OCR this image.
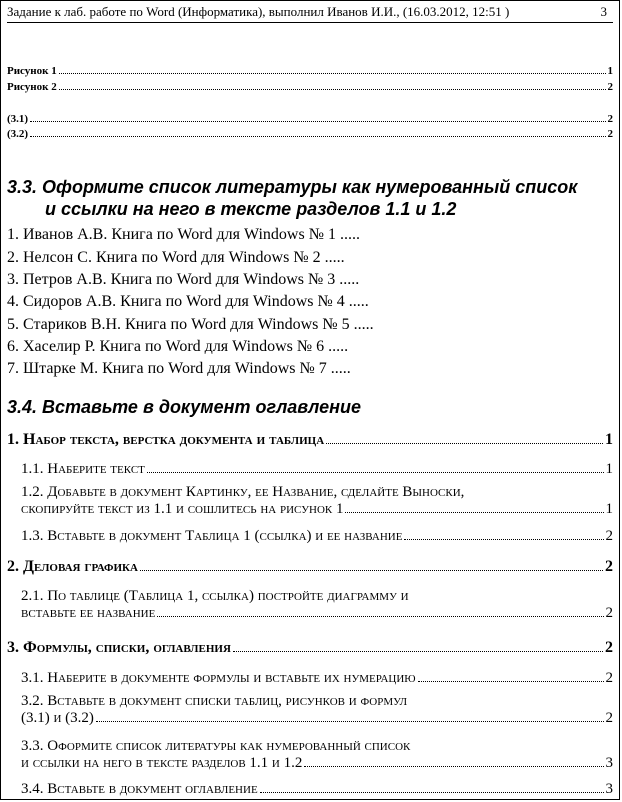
Задание к лаб. работе по Word (Информатика), выполнил Иванов И.И., (16.03.2012, 12:51 )	3
Рисунок 1	1
Рисунок 2	2
(3.1)	2
(3.2)	2
3.3. Оформите список литературы как нумерованный список
и ссылки на него в тексте разделов 1.1 и 1.2
1. Иванов А.В. Книга по Word для Windows № 1 .....
2. Нелсон С. Книга по Word для Windows № 2 .....
3. Петров А.В. Книга по Word для Windows № 3 .....
4. Сидоров А.В. Книга по Word для Windows № 4 .....
5. Стариков В.Н. Книга по Word для Windows № 5 .....
6. Хаселир Р. Книга по Word для Windows № 6 .....
7. Штарке М. Книга по Word для Windows № 7 .....
3.4. Вставьте в документ оглавление
1. Набор текста, верстка документа и таблица	1
1.1. Наберите текст	1
1.2. Добавьте в документ Картинку, ее Название, сделайте Выноски,
скопируйте текст из 1.1 и сошлитесь на рисунок 1	1
1.3. Вставьте в документ Таблица 1 (ссылка) и ее название	2
2. Деловая графика	2
2.1. По таблице (Таблица 1, ссылка) постройте диаграмму и
вставьте ее название	2
3. Формулы, списки, оглавления	2
3.1. Наберите в документе формулы и вставьте их нумерацию	2
3.2. Вставьте в документ списки таблиц, рисунков и формул
(3.1) и (3.2)	2
3.3. Оформите список литературы как нумерованный список
и ссылки на него в тексте разделов 1.1 и 1.2	3
3.4. Вставьте в документ оглавление	3
